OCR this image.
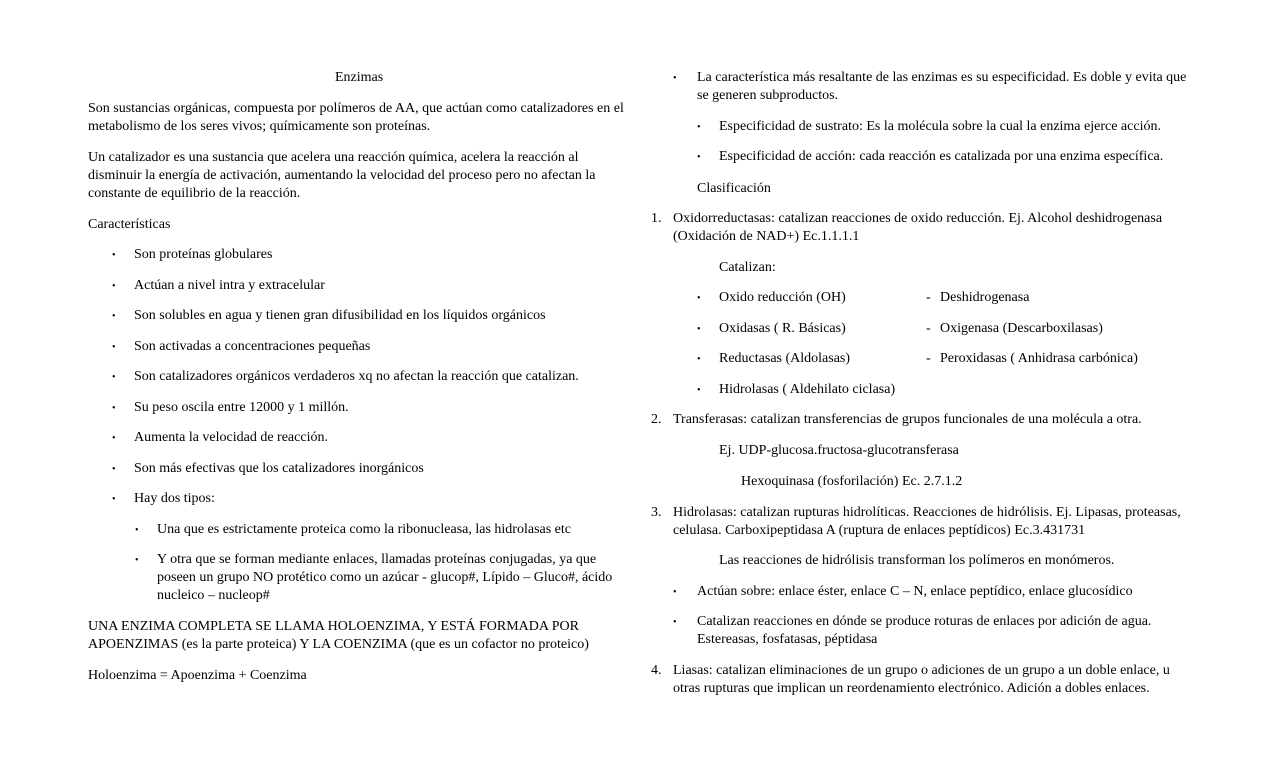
Enzimas
Son sustancias orgánicas, compuesta por polímeros de AA, que actúan como catalizadores en el
metabolismo de los seres vivos; químicamente son proteínas.
Un catalizador es una sustancia que acelera una reacción química, acelera la reacción al
disminuir la energía de activación, aumentando la velocidad del proceso pero no afectan la
constante de equilibrio de la reacción.
Características
• Son proteínas globulares
• Actúan a nivel intra y extracelular
• Son solubles en agua y tienen gran difusibilidad en los líquidos orgánicos
• Son activadas a concentraciones pequeñas
• Son catalizadores orgánicos verdaderos xq no afectan la reacción que catalizan.
• Su peso oscila entre 12000 y 1 millón.
• Aumenta la velocidad de reacción.
• Son más efectivas que los catalizadores inorgánicos
• Hay dos tipos:
• Una que es estrictamente proteica como la ribonucleasa, las hidrolasas etc
• Y otra que se forman mediante enlaces, llamadas proteínas conjugadas, ya que
poseen un grupo NO protético como un azúcar - glucop#, Lípido – Gluco#, ácido
nucleico – nucleop#
UNA ENZIMA COMPLETA SE LLAMA HOLOENZIMA, Y ESTÁ FORMADA POR
APOENZIMAS (es la parte proteica) Y LA COENZIMA (que es un cofactor no proteico)
Holoenzima = Apoenzima + Coenzima
• La característica más resaltante de las enzimas es su especificidad. Es doble y evita que
se generen subproductos.
• Especificidad de sustrato: Es la molécula sobre la cual la enzima ejerce acción.
• Especificidad de acción: cada reacción es catalizada por una enzima específica.
Clasificación
1. Oxidorreductasas: catalizan reacciones de oxido reducción. Ej. Alcohol deshidrogenasa
(Oxidación de NAD+) Ec.1.1.1.1
Catalizan:
• Oxido reducción (OH)	- Deshidrogenasa
• Oxidasas ( R. Básicas)	- Oxigenasa (Descarboxilasas)
• Reductasas (Aldolasas)	- Peroxidasas ( Anhidrasa carbónica)
• Hidrolasas ( Aldehilato ciclasa)
2. Transferasas: catalizan transferencias de grupos funcionales de una molécula a otra.
Ej. UDP-glucosa.fructosa-glucotransferasa
Hexoquinasa (fosforilación) Ec. 2.7.1.2
3. Hidrolasas: catalizan rupturas hidrolíticas. Reacciones de hidrólisis. Ej. Lipasas, proteasas,
celulasa. Carboxipeptidasa A (ruptura de enlaces peptídicos) Ec.3.431731
Las reacciones de hidrólisis transforman los polímeros en monómeros.
• Actúan sobre: enlace éster, enlace C – N, enlace peptídico, enlace glucosídico
• Catalizan reacciones en dónde se produce roturas de enlaces por adición de agua.
Estereasas, fosfatasas, péptidasa
4. Liasas: catalizan eliminaciones de un grupo o adiciones de un grupo a un doble enlace, u
otras rupturas que implican un reordenamiento electrónico. Adición a dobles enlaces.
